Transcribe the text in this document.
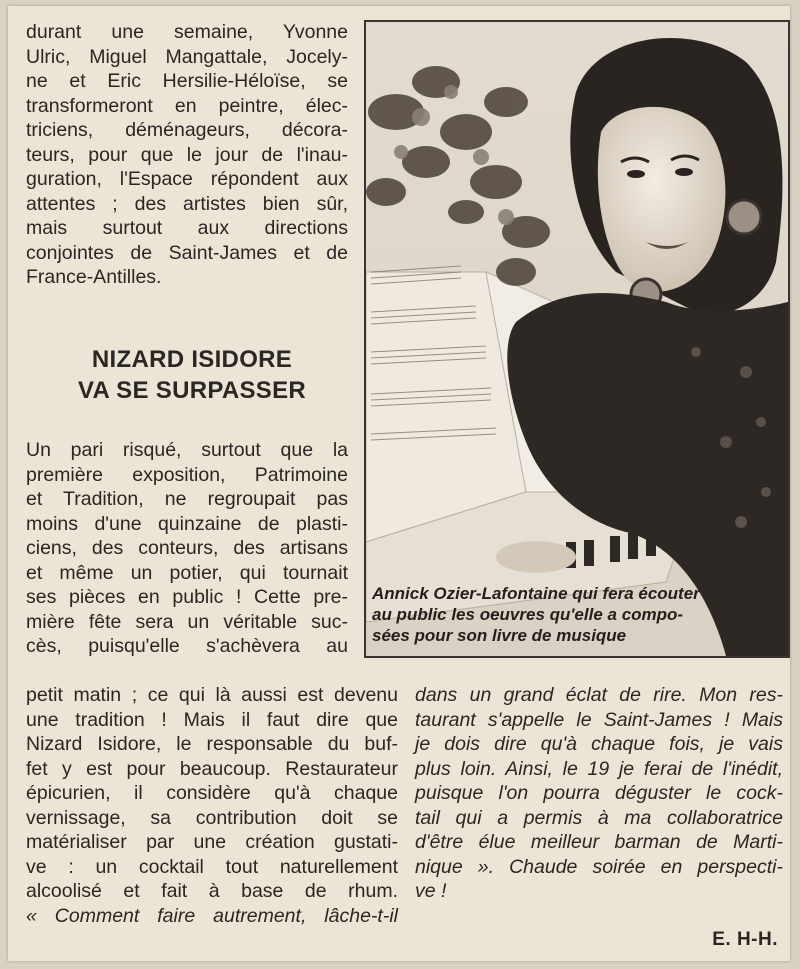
durant une semaine, Yvonne
Ulric, Miguel Mangattale, Jocely-
ne et Eric Hersilie-Héloïse, se
transformeront en peintre, élec-
triciens, déménageurs, décora-
teurs, pour que le jour de l'inau-
guration, l'Espace répondent aux
attentes ; des artistes bien sûr,
mais surtout aux directions
conjointes de Saint-James et de
France-Antilles.
NIZARD ISIDORE
VA SE SURPASSER
Un pari risqué, surtout que la
première exposition, Patrimoine
et Tradition, ne regroupait pas
moins d'une quinzaine de plasti-
ciens, des conteurs, des artisans
et même un potier, qui tournait
ses pièces en public ! Cette pre-
mière fête sera un véritable suc-
cès, puisqu'elle s'achèvera au
Annick Ozier-Lafontaine qui fera écouter
au public les oeuvres qu'elle a compo-
sées pour son livre de musique
petit matin ; ce qui là aussi est devenu
une tradition ! Mais il faut dire que
Nizard Isidore, le responsable du buf-
fet y est pour beaucoup. Restaurateur
épicurien, il considère qu'à chaque
vernissage, sa contribution doit se
matérialiser par une création gustati-
ve : un cocktail tout naturellement
alcoolisé et fait à base de rhum.
« Comment faire autrement, lâche-t-il
dans un grand éclat de rire. Mon res-
taurant s'appelle le Saint-James ! Mais
je dois dire qu'à chaque fois, je vais
plus loin. Ainsi, le 19 je ferai de l'inédit,
puisque l'on pourra déguster le cock-
tail qui a permis à ma collaboratrice
d'être élue meilleur barman de Marti-
nique ». Chaude soirée en perspecti-
ve !
E. H-H.
